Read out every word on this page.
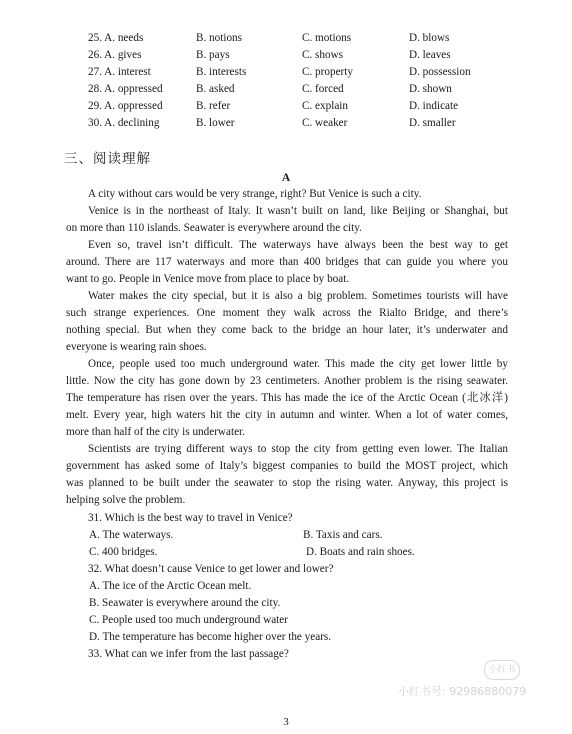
25. A. needs	B. notions	C. motions	D. blows
26. A. gives	B. pays	C. shows	D. leaves
27. A. interest	B. interests	C. property	D. possession
28. A. oppressed	B. asked	C. forced	D. shown
29. A. oppressed	B. refer	C. explain	D. indicate
30. A. declining	B. lower	C. weaker	D. smaller
三、阅读理解
A
A city without cars would be very strange, right? But Venice is such a city.
Venice is in the northeast of Italy. It wasn’t built on land, like Beijing or Shanghai, but
on more than 110 islands. Seawater is everywhere around the city.
Even so, travel isn’t difficult. The waterways have always been the best way to get
around. There are 117 waterways and more than 400 bridges that can guide you where you
want to go. People in Venice move from place to place by boat.
Water makes the city special, but it is also a big problem. Sometimes tourists will have
such strange experiences. One moment they walk across the Rialto Bridge, and there’s
nothing special. But when they come back to the bridge an hour later, it’s underwater and
everyone is wearing rain shoes.
Once, people used too much underground water. This made the city get lower little by
little. Now the city has gone down by 23 centimeters. Another problem is the rising seawater.
The temperature has risen over the years. This has made the ice of the Arctic Ocean (北冰洋)
melt. Every year, high waters hit the city in autumn and winter. When a lot of water comes,
more than half of the city is underwater.
Scientists are trying different ways to stop the city from getting even lower. The Italian
government has asked some of Italy’s biggest companies to build the MOST project, which
was planned to be built under the seawater to stop the rising water. Anyway, this project is
helping solve the problem.
31. Which is the best way to travel in Venice?
A. The waterways.	B. Taxis and cars.
C. 400 bridges.	D. Boats and rain shoes.
32. What doesn’t cause Venice to get lower and lower?
A. The ice of the Arctic Ocean melt.
B. Seawater is everywhere around the city.
C. People used too much underground water
D. The temperature has become higher over the years.
33. What can we infer from the last passage?
小红书
小红书号: 92986880079
3
